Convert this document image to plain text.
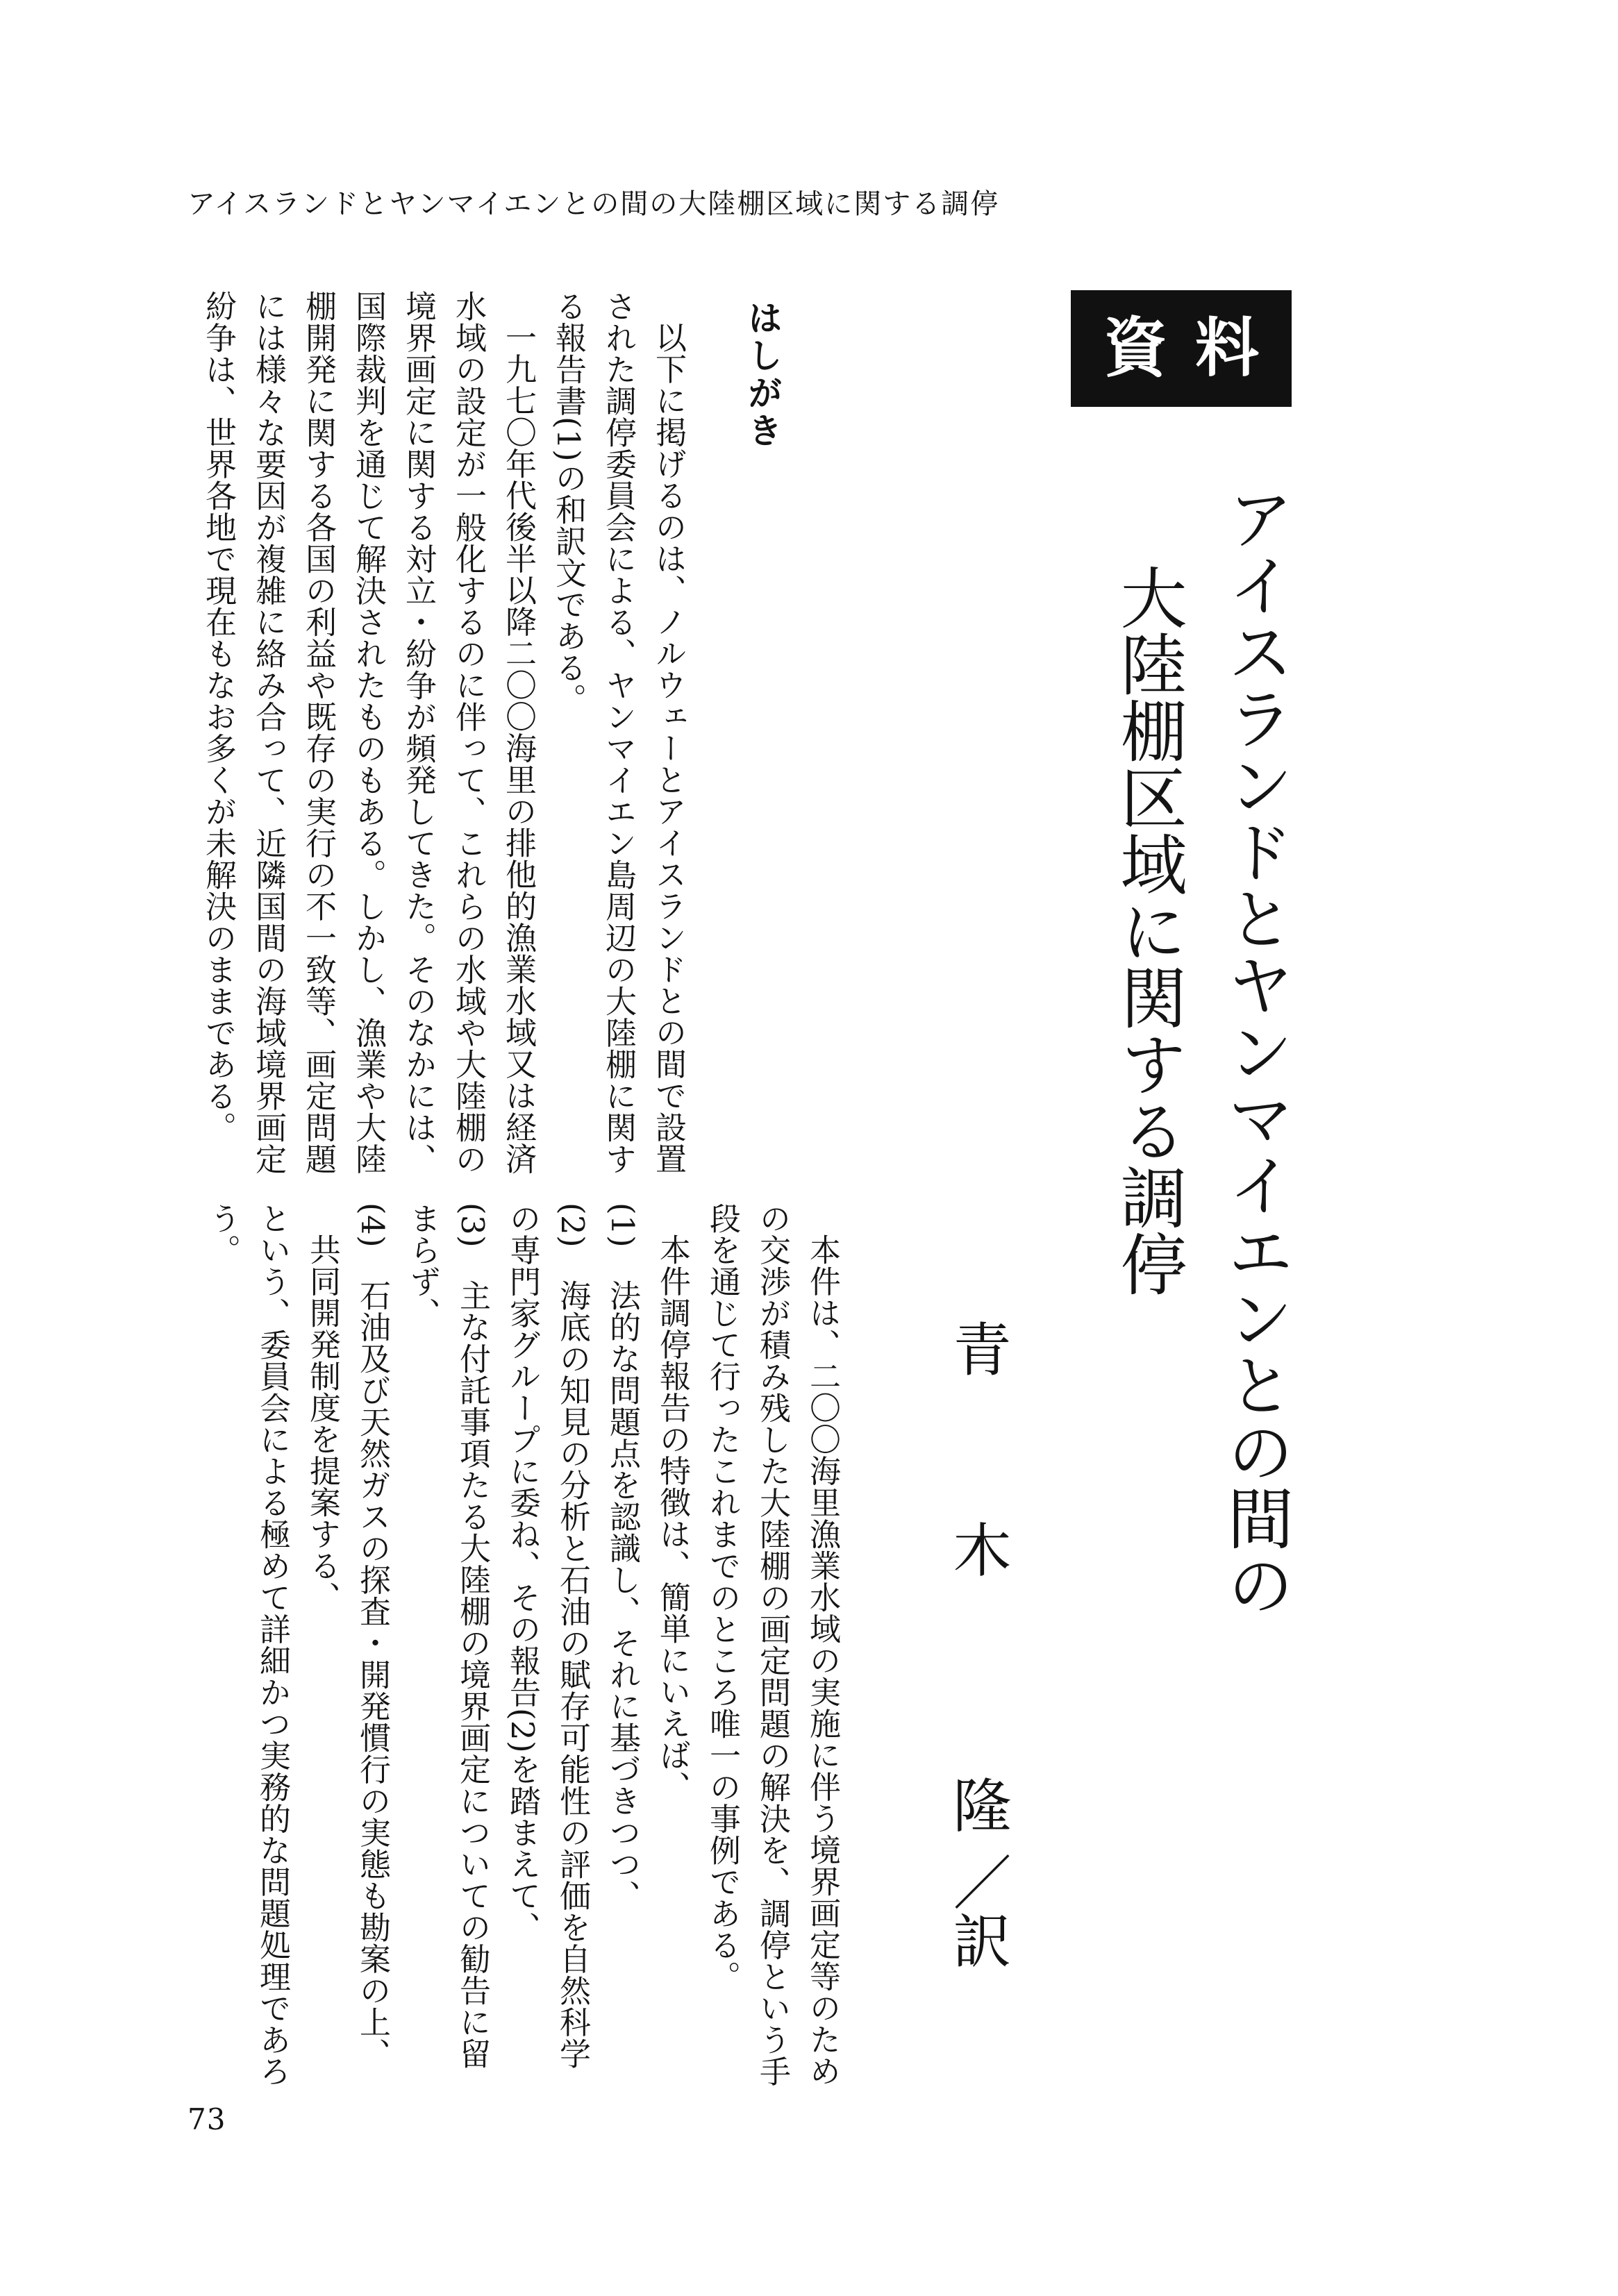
アイスランドとヤンマイエンとの間の大陸棚区域に関する調停
資料
アイスランドとヤンマイエンとの間の
大陸棚区域に関する調停
青 木 隆 ／訳
はしがき
以下に掲げるのは、ノルウェーとアイスランドとの間で設置
された調停委員会による、ヤンマイエン島周辺の大陸棚に関す
る報告書(1)の和訳文である。
一九七〇年代後半以降二〇〇海里の排他的漁業水域又は経済
水域の設定が一般化するのに伴って、これらの水域や大陸棚の
境界画定に関する対立・紛争が頻発してきた。そのなかには、
国際裁判を通じて解決されたものもある。しかし、漁業や大陸
棚開発に関する各国の利益や既存の実行の不一致等、画定問題
には様々な要因が複雑に絡み合って、近隣国間の海域境界画定
紛争は、世界各地で現在もなお多くが未解決のままである。
本件は、二〇〇海里漁業水域の実施に伴う境界画定等のため
の交渉が積み残した大陸棚の画定問題の解決を、調停という手
段を通じて行ったこれまでのところ唯一の事例である。
本件調停報告の特徴は、簡単にいえば、
(1)　法的な問題点を認識し、それに基づきつつ、
(2)　海底の知見の分析と石油の賦存可能性の評価を自然科学
の専門家グループに委ね、その報告(2)を踏まえて、
(3)　主な付託事項たる大陸棚の境界画定についての勧告に留
まらず、
(4)　石油及び天然ガスの探査・開発慣行の実態も勘案の上、
共同開発制度を提案する、
という、委員会による極めて詳細かつ実務的な問題処理であろ
う。
73
